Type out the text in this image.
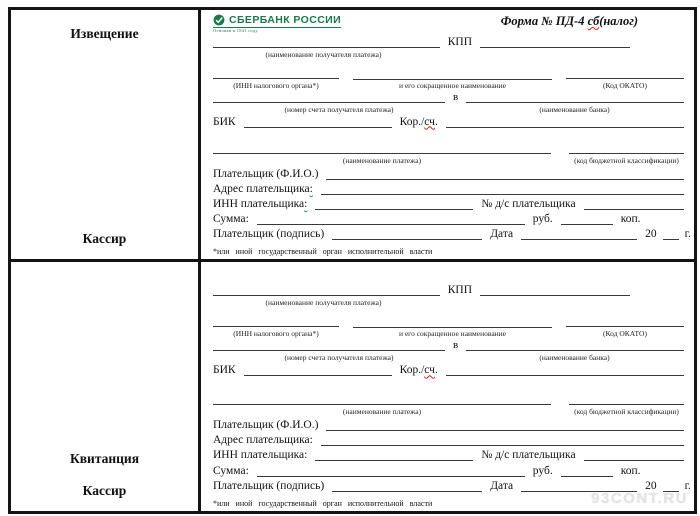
Извещение
Кассир
СБЕРБАНК РОССИИ
Основан в 1841 году
Форма № ПД-4 сб(налог)
КПП
(наименование получателя платежа)
(ИНН налогового органа*)	и его сокращенное наименование	(Код ОКАТО)
в
(номер счета получателя платежа)	(наименование банка)
БИК	Кор./сч.
(наименование платежа)	(код бюджетной классификации)
Плательщик (Ф.И.О.)
Адрес плательщика:
ИНН плательщика:	№ д/с плательщика
Сумма:	руб.	коп.
Плательщик (подпись)	Дата	20 г.
*или иной государственный орган исполнительной власти
Квитанция
Кассир
КПП
(наименование получателя платежа)
(ИНН налогового органа*)	и его сокращенное наименование	(Код ОКАТО)
в
(номер счета получателя платежа)	(наименование банка)
БИК	Кор./сч.
(наименование платежа)	(код бюджетной классификации)
Плательщик (Ф.И.О.)
Адрес плательщика:
ИНН плательщика:	№ д/с плательщика
Сумма:	руб.	коп.
Плательщик (подпись)	Дата	20 г.
*или иной государственный орган исполнительной власти	93CONT.RU
